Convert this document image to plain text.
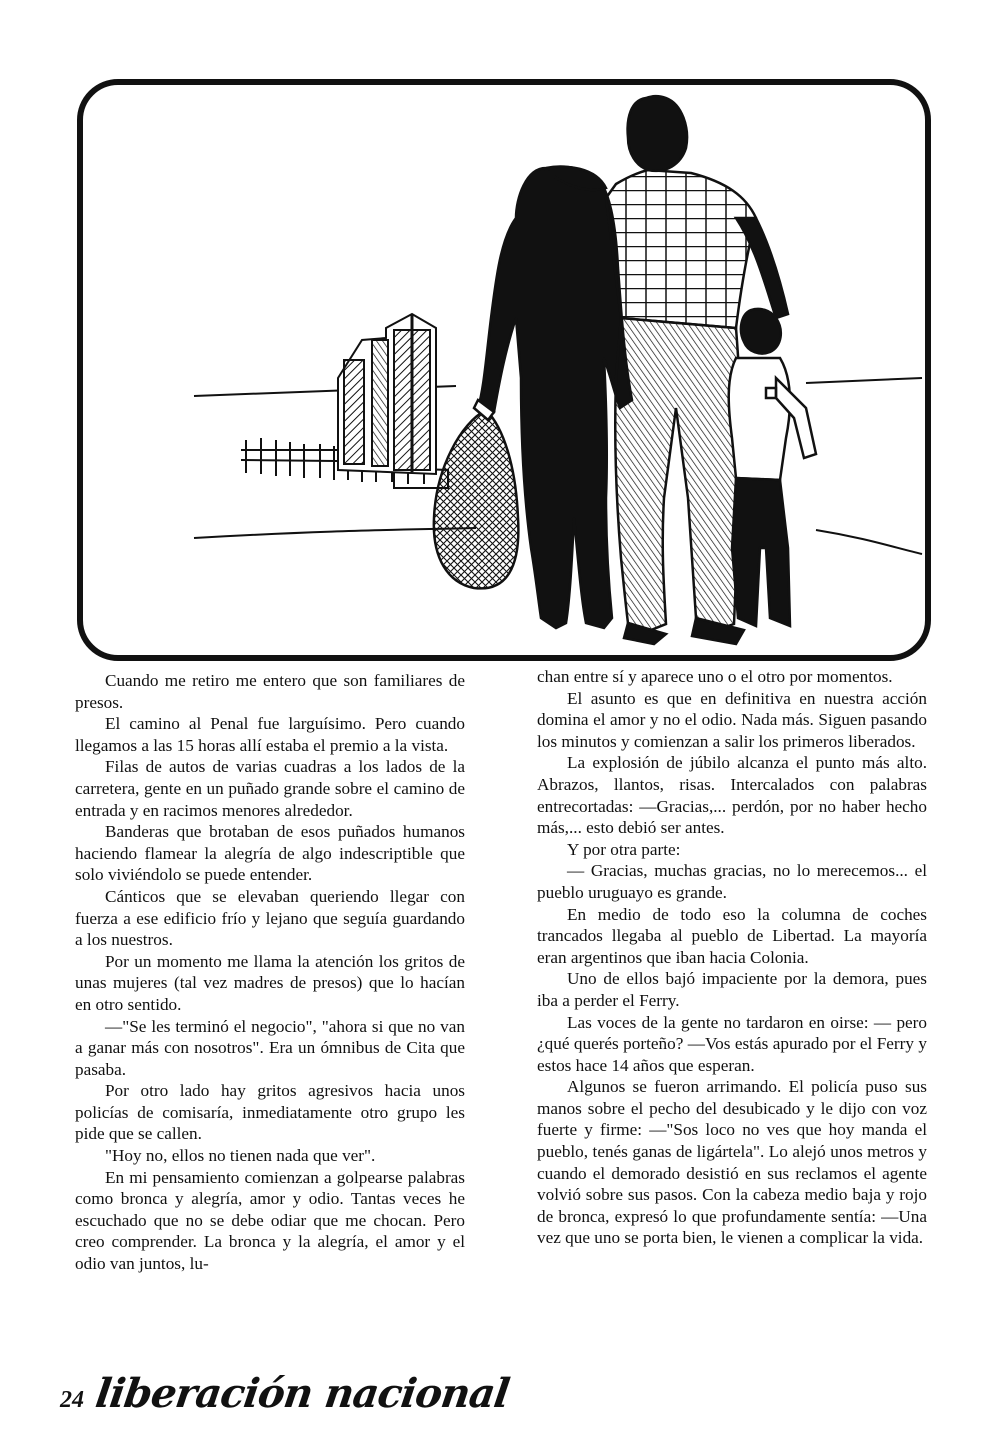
Cuando me retiro me entero que son familiares de presos.

El camino al Penal fue larguísimo. Pero cuando llegamos a las 15 horas allí estaba el premio a la vista.

Filas de autos de varias cuadras a los lados de la carretera, gente en un puñado grande sobre el camino de entrada y en racimos menores alrededor.

Banderas que brotaban de esos puñados humanos haciendo flamear la alegría de algo indescriptible que solo viviéndolo se puede entender.

Cánticos que se elevaban queriendo llegar con fuerza a ese edificio frío y lejano que seguía guardando a los nuestros.

Por un momento me llama la atención los gritos de unas mujeres (tal vez madres de presos) que lo hacían en otro sentido.

—"Se les terminó el negocio", "ahora si que no van a ganar más con nosotros". Era un ómnibus de Cita que pasaba.

Por otro lado hay gritos agresivos hacia unos policías de comisaría, inmediatamente otro grupo les pide que se callen.

"Hoy no, ellos no tienen nada que ver".

En mi pensamiento comienzan a golpearse palabras como bronca y alegría, amor y odio. Tantas veces he escuchado que no se debe odiar que me chocan. Pero creo comprender. La bronca y la alegría, el amor y el odio van juntos, lu-

chan entre sí y aparece uno o el otro por momentos.

El asunto es que en definitiva en nuestra acción domina el amor y no el odio. Nada más. Siguen pasando los minutos y comienzan a salir los primeros liberados.

La explosión de júbilo alcanza el punto más alto. Abrazos, llantos, risas. Intercalados con palabras entrecortadas: —Gracias,... perdón, por no haber hecho más,... esto debió ser antes.

Y por otra parte:

— Gracias, muchas gracias, no lo merecemos... el pueblo uruguayo es grande.

En medio de todo eso la columna de coches trancados llegaba al pueblo de Libertad. La mayoría eran argentinos que iban hacia Colonia.

Uno de ellos bajó impaciente por la demora, pues iba a perder el Ferry.

Las voces de la gente no tardaron en oirse: — pero ¿qué querés porteño? —Vos estás apurado por el Ferry y estos hace 14 años que esperan.

Algunos se fueron arrimando. El policía puso sus manos sobre el pecho del desubicado y le dijo con voz fuerte y firme: —"Sos loco no ves que hoy manda el pueblo, tenés ganas de ligártela". Lo alejó unos metros y cuando el demorado desistió en sus reclamos el agente volvió sobre sus pasos. Con la cabeza medio baja y rojo de bronca, expresó lo que profundamente sentía: —Una vez que uno se porta bien, le vienen a complicar la vida.

24 liberación nacional
